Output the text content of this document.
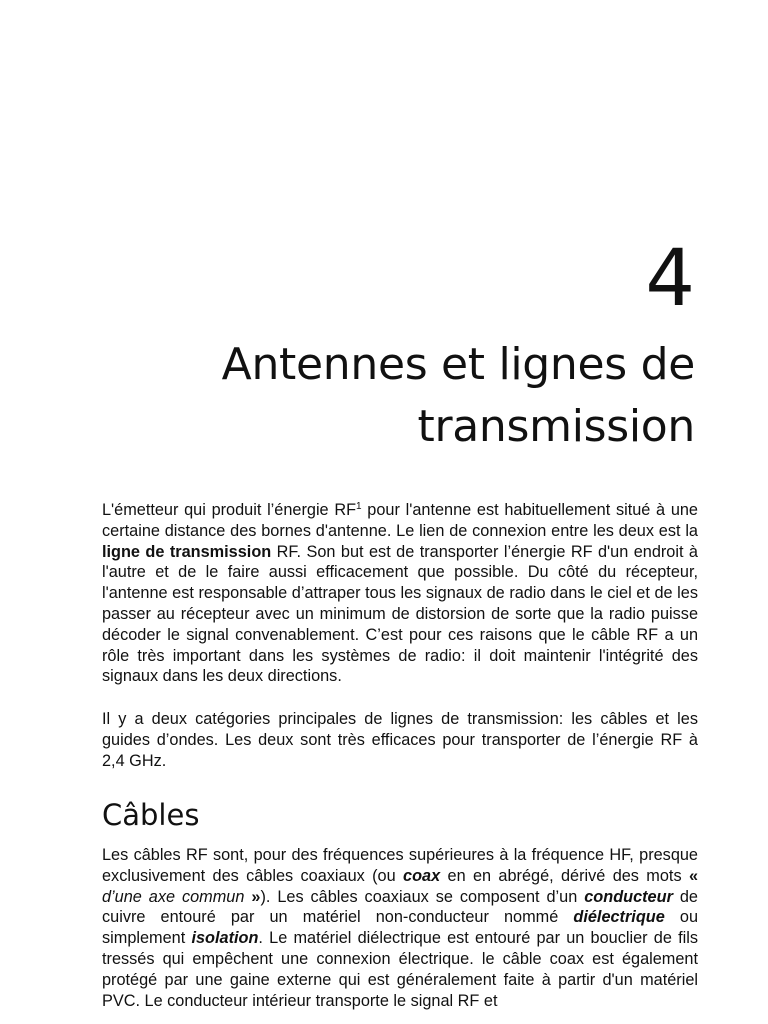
4
Antennes et lignes de transmission

L'émetteur qui produit l’énergie $RF^1$ pour l'antenne est habituellement situé à une certaine distance des bornes d'antenne. Le lien de connexion entre les deux est la ligne de transmission RF. Son but est de transporter l’énergie RF d'un endroit à l'autre et de le faire aussi efficacement que possible. Du côté du récepteur, l'antenne est responsable d’attraper tous les signaux de radio dans le ciel et de les passer au récepteur avec un minimum de distorsion de sorte que la radio puisse décoder le signal convenablement. C’est pour ces raisons que le câble RF a un rôle très important dans les systèmes de radio: il doit maintenir l'intégrité des signaux dans les deux directions.

Il y a deux catégories principales de lignes de transmission: les câbles et les guides d’ondes. Les deux sont très efficaces pour transporter de l’énergie RF à 2,4 GHz.

Câbles

Les câbles RF sont, pour des fréquences supérieures à la fréquence HF, presque exclusivement des câbles coaxiaux (ou coax en en abrégé, dérivé des mots « d’une axe commun »). Les câbles coaxiaux se composent d’un conducteur de cuivre entouré par un matériel non-conducteur nommé diélectrique ou simplement isolation. Le matériel diélectrique est entouré par un bouclier de fils tressés qui empêchent une connexion électrique. le câble coax est également protégé par une gaine externe qui est généralement faite à partir d'un matériel PVC. Le conducteur intérieur transporte le signal RF et
